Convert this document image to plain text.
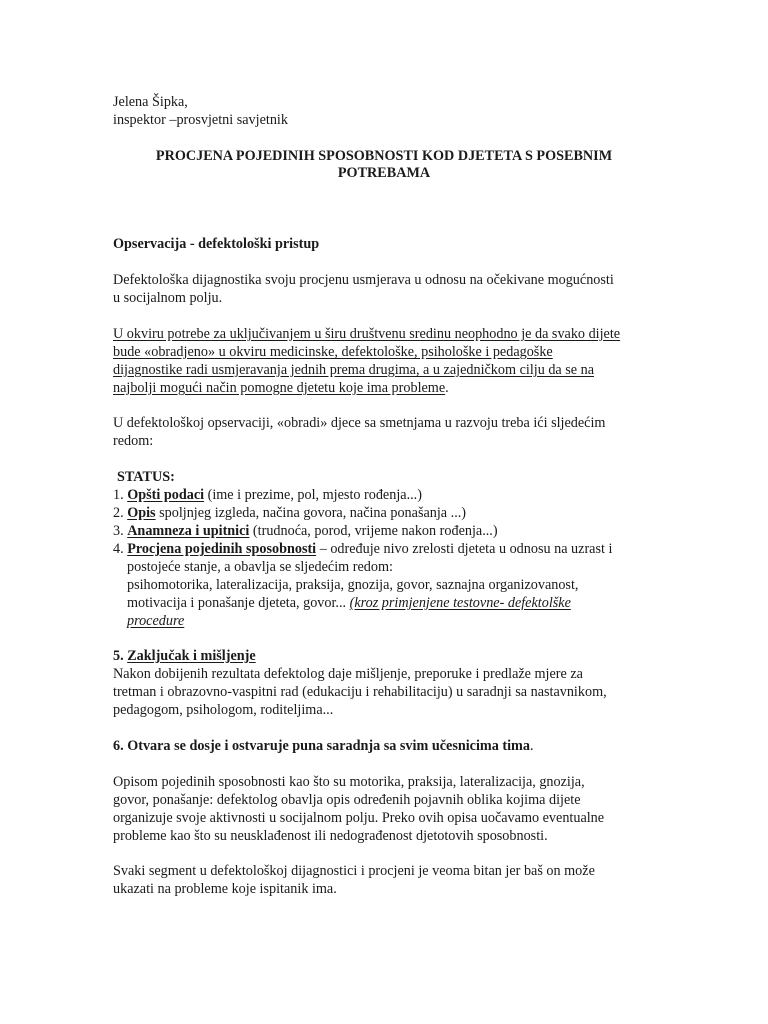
Jelena Šipka,
inspektor –prosvjetni savjetnik
PROCJENA POJEDINIH SPOSOBNOSTI KOD DJETETA S POSEBNIM
POTREBAMA
Opservacija - defektološki pristup
Defektološka dijagnostika svoju procjenu usmjerava u odnosu na očekivane mogućnosti
u socijalnom polju.
U okviru potrebe za uključivanjem u širu društvenu sredinu neophodno je da svako dijete
bude «obradjeno» u okviru medicinske, defektološke, psihološke i pedagoške
dijagnostike radi usmjeravanja jednih prema drugima, a u zajedničkom cilju da se na
najbolji mogući način pomogne djetetu koje ima probleme.
U defektološkoj opservaciji, «obradi» djece sa smetnjama u razvoju treba ići sljedećim
redom:
STATUS:
1. Opšti podaci (ime i prezime, pol, mjesto rođenja...)
2. Opis spoljnjeg izgleda, načina govora, načina ponašanja ...)
3. Anamneza i upitnici (trudnoća, porod, vrijeme nakon rođenja...)
4. Procjena pojedinih sposobnosti – određuje nivo zrelosti djeteta u odnosu na uzrast i
postojeće stanje, a obavlja se sljedećim redom:
psihomotorika, lateralizacija, praksija, gnozija, govor, saznajna organizovanost,
motivacija i ponašanje djeteta, govor... (kroz primjenjene testovne- defektolške
procedure
5. Zaključak i mišljenje
Nakon dobijenih rezultata defektolog daje mišljenje, preporuke i predlaže mjere za
tretman i obrazovno-vaspitni rad (edukaciju i rehabilitaciju) u saradnji sa nastavnikom,
pedagogom, psihologom, roditeljima...
6. Otvara se dosje i ostvaruje puna saradnja sa svim učesnicima tima.
Opisom pojedinih sposobnosti kao što su motorika, praksija, lateralizacija, gnozija,
govor, ponašanje: defektolog obavlja opis određenih pojavnih oblika kojima dijete
organizuje svoje aktivnosti u socijalnom polju. Preko ovih opisa uočavamo eventualne
probleme kao što su neusklađenost ili nedograđenost djetotovih sposobnosti.
Svaki segment u defektološkoj dijagnostici i procjeni je veoma bitan jer baš on može
ukazati na probleme koje ispitanik ima.
